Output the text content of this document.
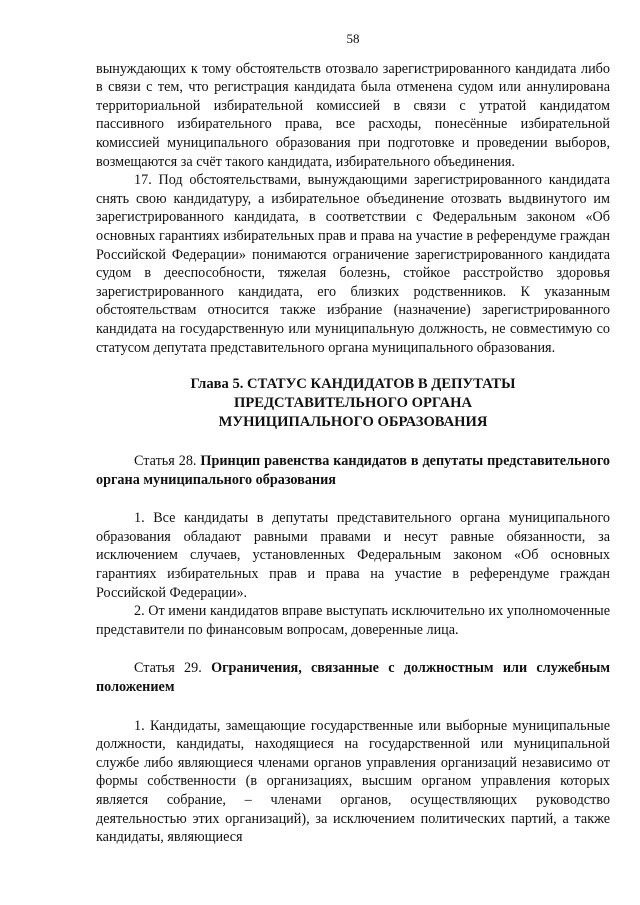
58

вынуждающих к тому обстоятельств отозвало зарегистрированного кандидата либо в связи с тем, что регистрация кандидата была отменена судом или аннулирована территориальной избирательной комиссией в связи с утратой кандидатом пассивного избирательного права, все расходы, понесённые избирательной комиссией муниципального образования при подготовке и проведении выборов, возмещаются за счёт такого кандидата, избирательного объединения.

17. Под обстоятельствами, вынуждающими зарегистрированного кандидата снять свою кандидатуру, а избирательное объединение отозвать выдвинутого им зарегистрированного кандидата, в соответствии с Федеральным законом «Об основных гарантиях избирательных прав и права на участие в референдуме граждан Российской Федерации» понимаются ограничение зарегистрированного кандидата судом в дееспособности, тяжелая болезнь, стойкое расстройство здоровья зарегистрированного кандидата, его близких родственников. К указанным обстоятельствам относится также избрание (назначение) зарегистрированного кандидата на государственную или муниципальную должность, не совместимую со статусом депутата представительного органа муниципального образования.

Глава 5. СТАТУС КАНДИДАТОВ В ДЕПУТАТЫ
ПРЕДСТАВИТЕЛЬНОГО ОРГАНА
МУНИЦИПАЛЬНОГО ОБРАЗОВАНИЯ

Статья 28. Принцип равенства кандидатов в депутаты представительного органа муниципального образования

1. Все кандидаты в депутаты представительного органа муниципального образования обладают равными правами и несут равные обязанности, за исключением случаев, установленных Федеральным законом «Об основных гарантиях избирательных прав и права на участие в референдуме граждан Российской Федерации».

2. От имени кандидатов вправе выступать исключительно их уполномоченные представители по финансовым вопросам, доверенные лица.

Статья 29. Ограничения, связанные с должностным или служебным положением

1. Кандидаты, замещающие государственные или выборные муниципальные должности, кандидаты, находящиеся на государственной или муниципальной службе либо являющиеся членами органов управления организаций независимо от формы собственности (в организациях, высшим органом управления которых является собрание, – членами органов, осуществляющих руководство деятельностью этих организаций), за исключением политических партий, а также кандидаты, являющиеся
